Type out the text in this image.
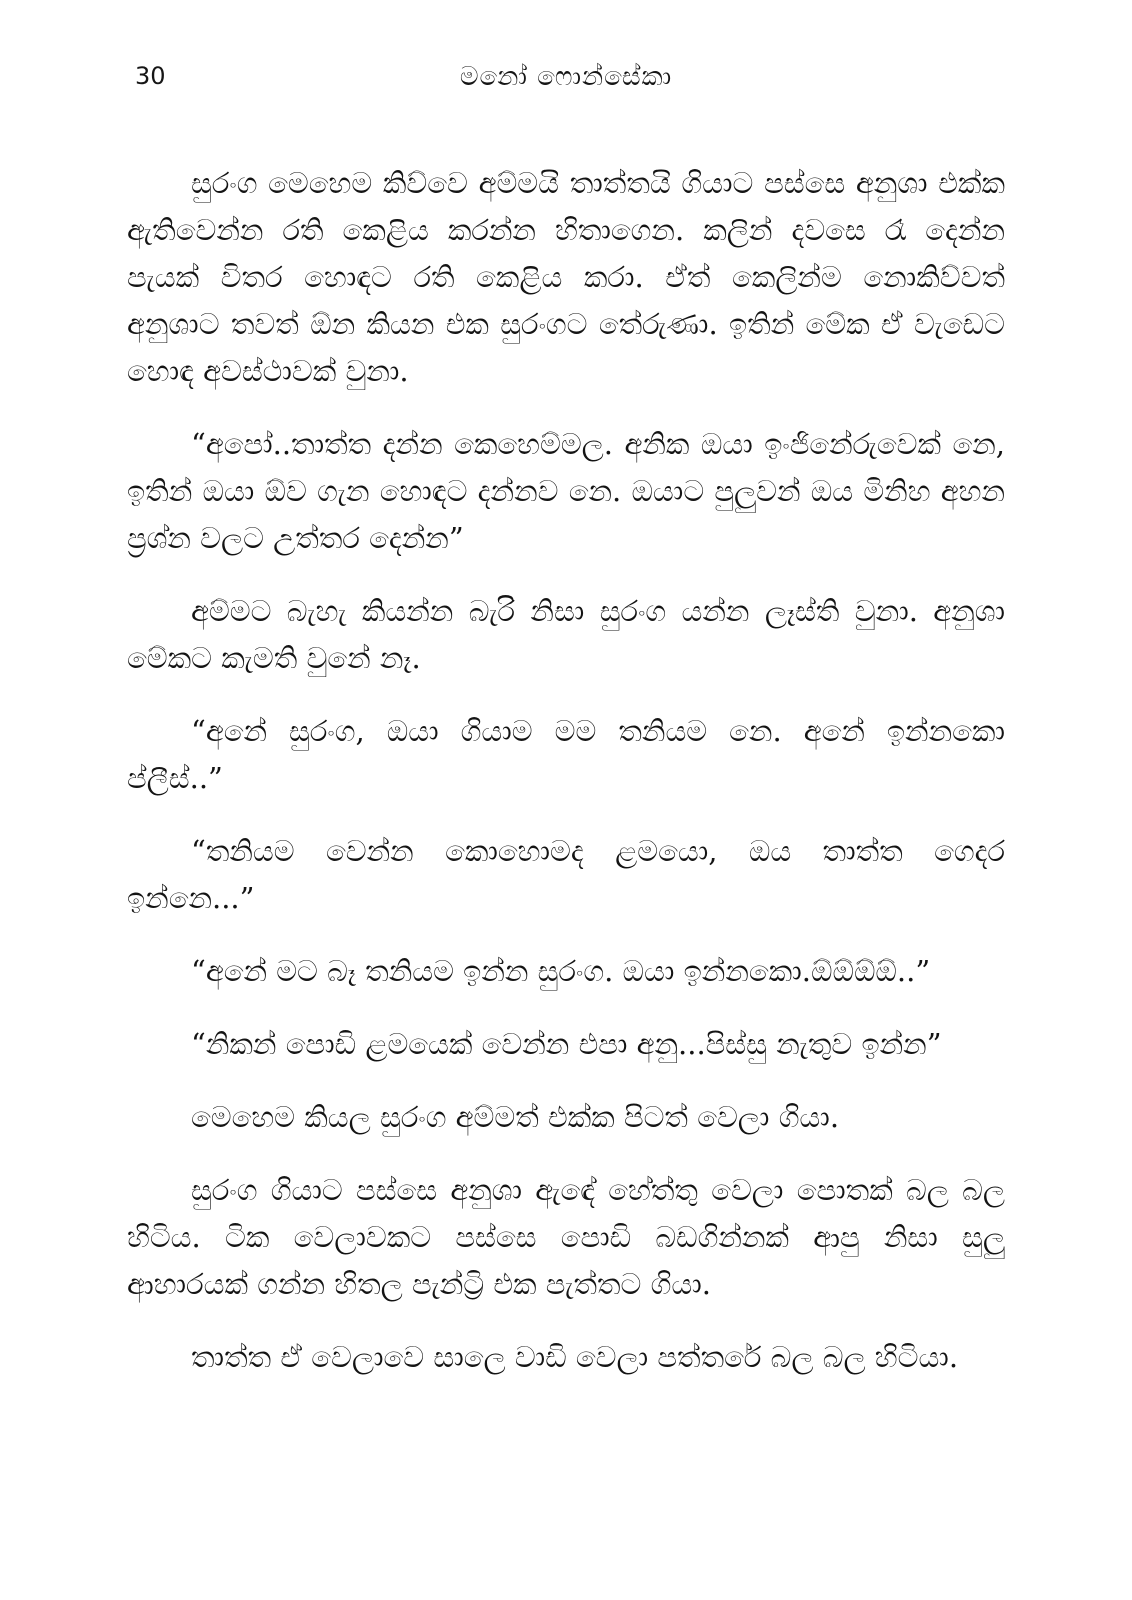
30	මනෝ ෆොන්සේකා

සුරංග මෙහෙම කිව්වෙ අම්මයි තාත්තයි ගියාට පස්සෙ අනුශා එක්ක ඇතිවෙන්න රති කෙළිය කරන්න හිතාගෙන. කලින් දවසෙ රෑ දෙන්න පැයක් විතර හොඳට රති කෙළිය කරා. ඒත් කෙලින්ම නොකිව්වත් අනුශාට තවත් ඕන කියන එක සුරංගට තේරුණා. ඉතින් මේක ඒ වැඩෙට හොඳ අවස්ථාවක් වුනා.

“අපෝ..තාත්ත දන්න කෙහෙම්මල. අනික ඔයා ඉංජිනේරුවෙක් නෙ, ඉතින් ඔයා ඕව ගැන හොඳට දන්නව නෙ. ඔයාට පුලුවන් ඔය මිනිහ අහන ප්‍රශ්න වලට උත්තර දෙන්න”

අම්මට බැහැ කියන්න බැරි නිසා සුරංග යන්න ලෑස්ති වුනා. අනුශා මේකට කැමති වුනේ නෑ.

“අනේ සුරංග, ඔයා ගියාම මම තනියම නෙ. අනේ ඉන්නකො ප්ලීස්..”

“තනියම වෙන්න කොහොමද ළමයො, ඔය තාත්ත ගෙදර ඉන්නෙ...”

“අනේ මට බෑ තනියම ඉන්න සුරංග. ඔයා ඉන්නකො.ඕඕඕඕ..”

“නිකන් පොඩි ළමයෙක් වෙන්න එපා අනු...පිස්සු නැතුව ඉන්න”

මෙහෙම කියල සුරංග අම්මත් එක්ක පිටත් වෙලා ගියා.

සුරංග ගියාට පස්සෙ අනුශා ඇඳේ හේත්තු වෙලා පොතක් බල බල හිටිය. ටික වෙලාවකට පස්සෙ පොඩි බඩගින්නක් ආපු නිසා සුලු ආහාරයක් ගන්න හිතල පැන්ට්‍රි එක පැත්තට ගියා.

තාත්ත ඒ වෙලාවෙ සාලෙ වාඩි වෙලා පත්තරේ බල බල හිටියා.
